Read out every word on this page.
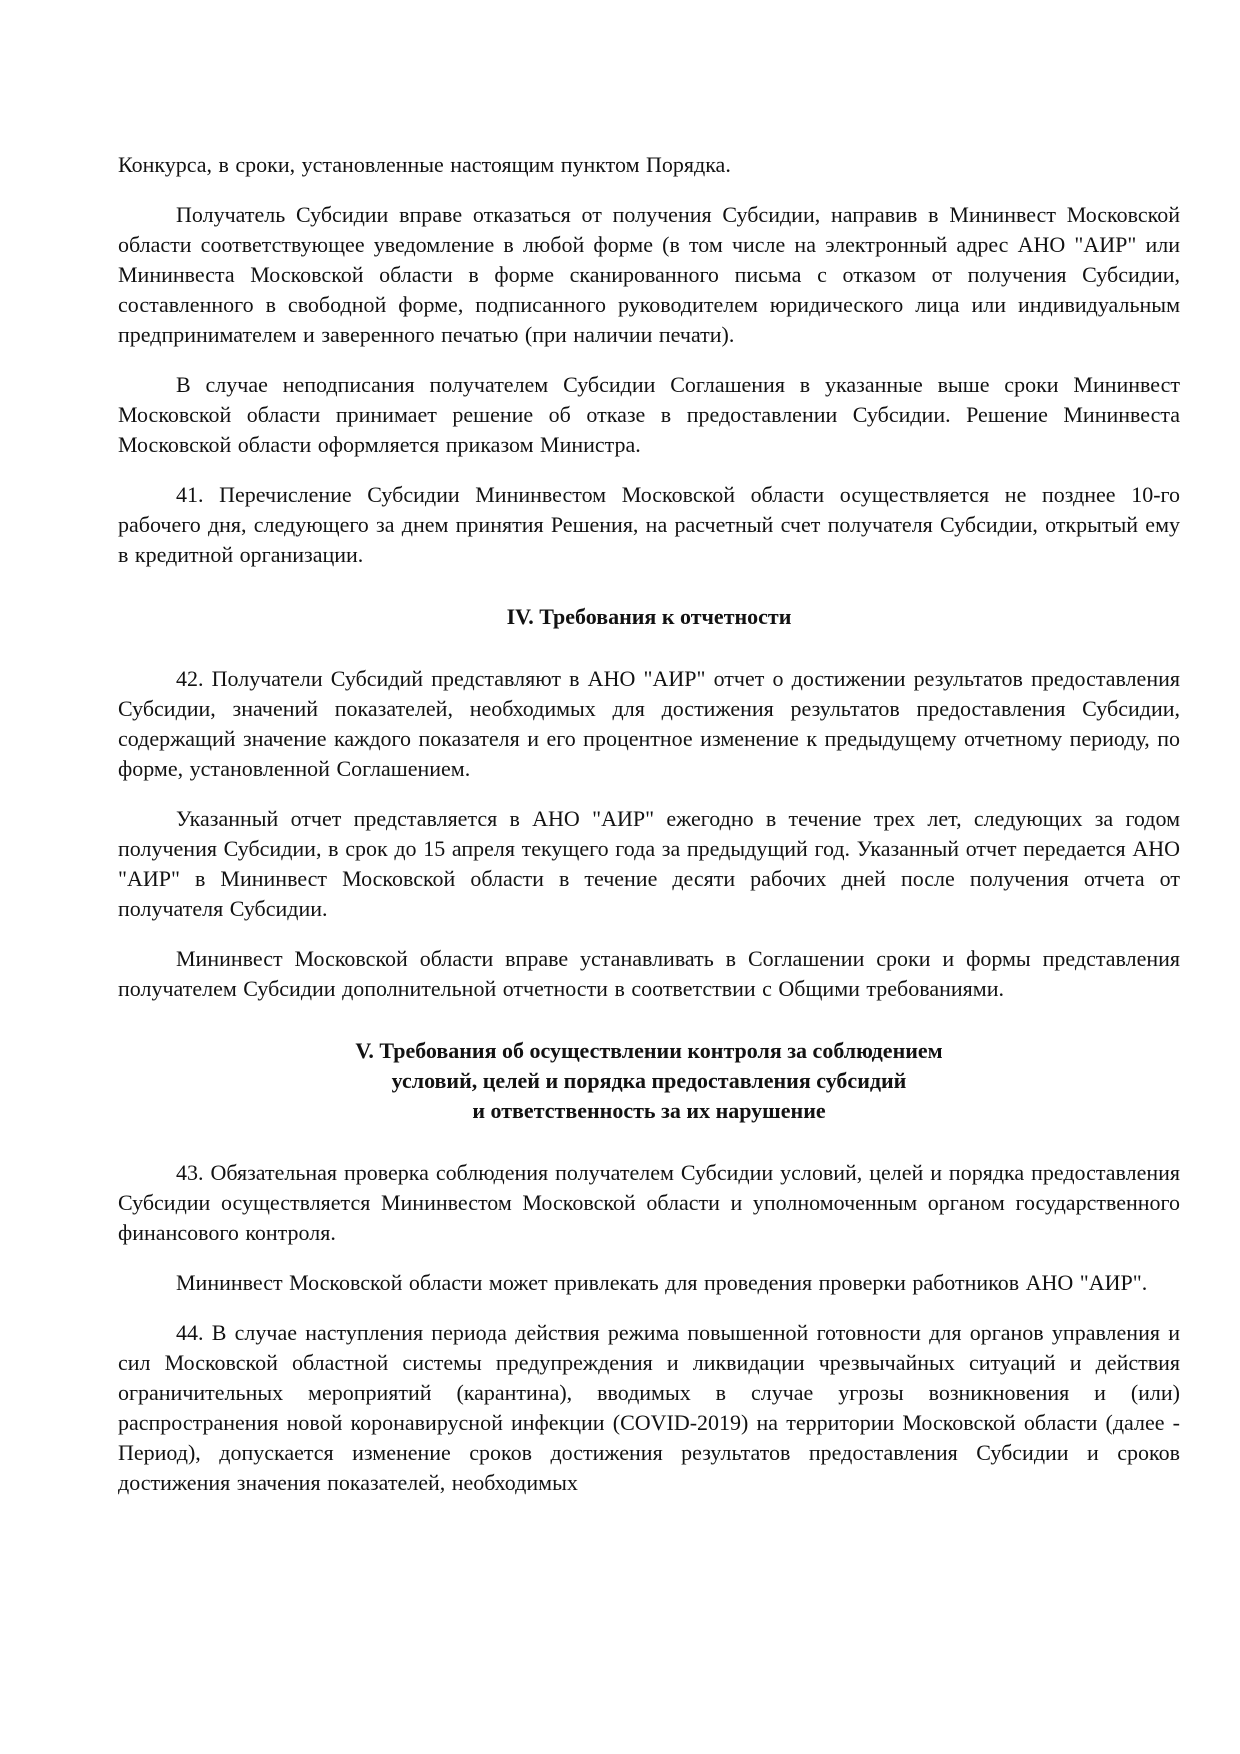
Конкурса, в сроки, установленные настоящим пунктом Порядка.

Получатель Субсидии вправе отказаться от получения Субсидии, направив в Мининвест Московской области соответствующее уведомление в любой форме (в том числе на электронный адрес АНО "АИР" или Мининвеста Московской области в форме сканированного письма с отказом от получения Субсидии, составленного в свободной форме, подписанного руководителем юридического лица или индивидуальным предпринимателем и заверенного печатью (при наличии печати).

В случае неподписания получателем Субсидии Соглашения в указанные выше сроки Мининвест Московской области принимает решение об отказе в предоставлении Субсидии. Решение Мининвеста Московской области оформляется приказом Министра.

41. Перечисление Субсидии Мининвестом Московской области осуществляется не позднее 10-го рабочего дня, следующего за днем принятия Решения, на расчетный счет получателя Субсидии, открытый ему в кредитной организации.

IV. Требования к отчетности

42. Получатели Субсидий представляют в АНО "АИР" отчет о достижении результатов предоставления Субсидии, значений показателей, необходимых для достижения результатов предоставления Субсидии, содержащий значение каждого показателя и его процентное изменение к предыдущему отчетному периоду, по форме, установленной Соглашением.

Указанный отчет представляется в АНО "АИР" ежегодно в течение трех лет, следующих за годом получения Субсидии, в срок до 15 апреля текущего года за предыдущий год. Указанный отчет передается АНО "АИР" в Мининвест Московской области в течение десяти рабочих дней после получения отчета от получателя Субсидии.

Мининвест Московской области вправе устанавливать в Соглашении сроки и формы представления получателем Субсидии дополнительной отчетности в соответствии с Общими требованиями.

V. Требования об осуществлении контроля за соблюдением
условий, целей и порядка предоставления субсидий
и ответственность за их нарушение

43. Обязательная проверка соблюдения получателем Субсидии условий, целей и порядка предоставления Субсидии осуществляется Мининвестом Московской области и уполномоченным органом государственного финансового контроля.

Мининвест Московской области может привлекать для проведения проверки работников АНО "АИР".

44. В случае наступления периода действия режима повышенной готовности для органов управления и сил Московской областной системы предупреждения и ликвидации чрезвычайных ситуаций и действия ограничительных мероприятий (карантина), вводимых в случае угрозы возникновения и (или) распространения новой коронавирусной инфекции (COVID-2019) на территории Московской области (далее - Период), допускается изменение сроков достижения результатов предоставления Субсидии и сроков достижения значения показателей, необходимых
